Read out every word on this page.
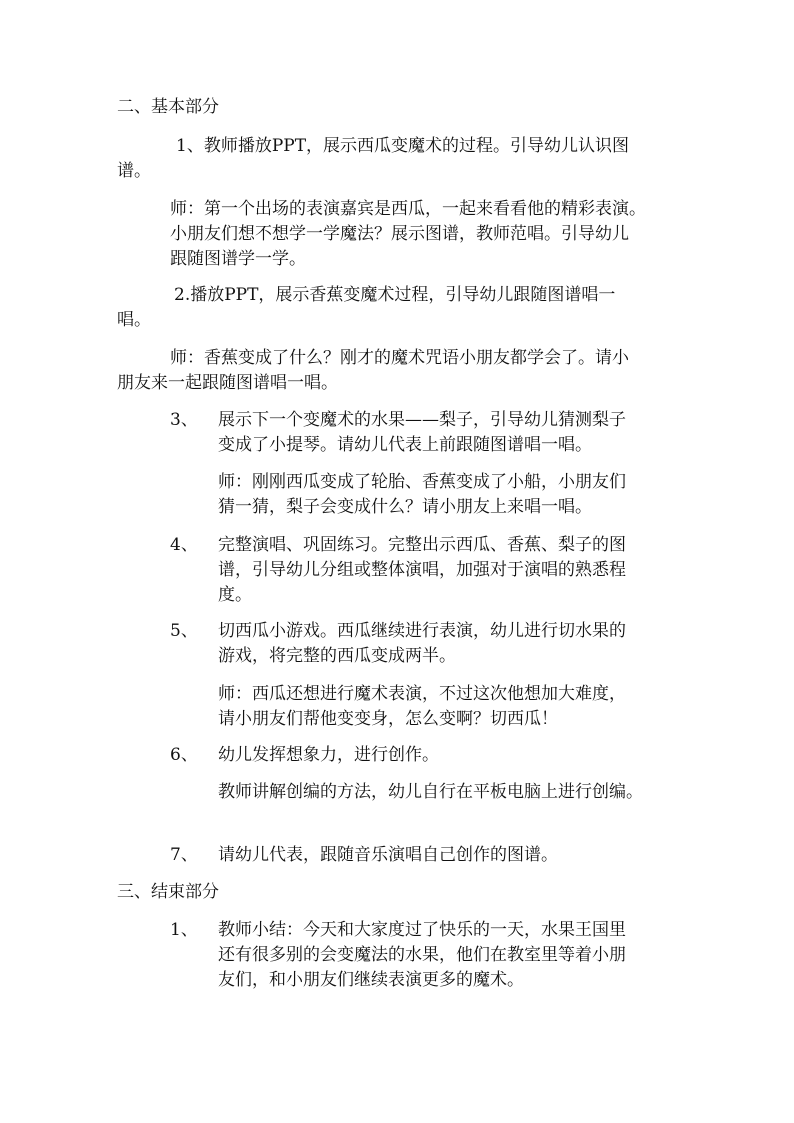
二、基本部分
1、教师播放PPT，展示西瓜变魔术的过程。引导幼儿认识图
谱。
师：第一个出场的表演嘉宾是西瓜，一起来看看他的精彩表演。
小朋友们想不想学一学魔法？展示图谱，教师范唱。引导幼儿
跟随图谱学一学。
2.播放PPT，展示香蕉变魔术过程，引导幼儿跟随图谱唱一
唱。
师：香蕉变成了什么？刚才的魔术咒语小朋友都学会了。请小
朋友来一起跟随图谱唱一唱。
3、 展示下一个变魔术的水果——梨子，引导幼儿猜测梨子
变成了小提琴。请幼儿代表上前跟随图谱唱一唱。
师：刚刚西瓜变成了轮胎、香蕉变成了小船，小朋友们
猜一猜，梨子会变成什么？请小朋友上来唱一唱。
4、 完整演唱、巩固练习。完整出示西瓜、香蕉、梨子的图
谱，引导幼儿分组或整体演唱，加强对于演唱的熟悉程
度。
5、 切西瓜小游戏。西瓜继续进行表演，幼儿进行切水果的
游戏，将完整的西瓜变成两半。
师：西瓜还想进行魔术表演，不过这次他想加大难度，
请小朋友们帮他变变身，怎么变啊？切西瓜！
6、 幼儿发挥想象力，进行创作。
教师讲解创编的方法，幼儿自行在平板电脑上进行创编。
7、 请幼儿代表，跟随音乐演唱自己创作的图谱。
三、结束部分
1、 教师小结：今天和大家度过了快乐的一天，水果王国里
还有很多别的会变魔法的水果，他们在教室里等着小朋
友们，和小朋友们继续表演更多的魔术。
